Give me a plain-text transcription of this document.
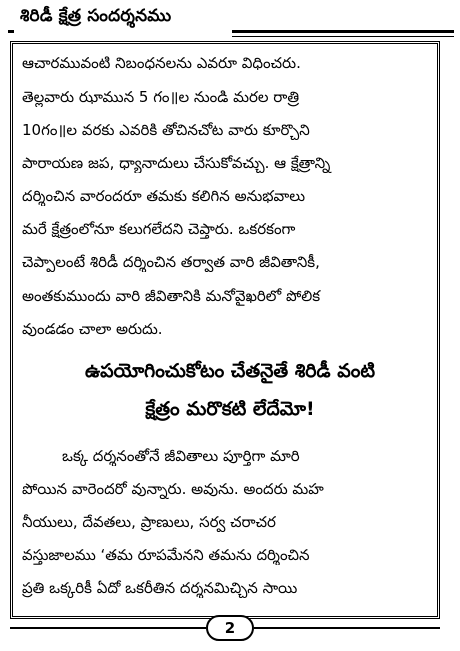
శిరిడీ క్షేత్ర సందర్శనము
ఆచారమువంటి నిబంధనలను ఎవరూ విధించరు.
తెల్లవారు ఝామున 5 గం॥ల నుండి మరల రాత్రి
10గం॥ల వరకు ఎవరికి తోచినచోట వారు కూర్చొని
పారాయణ జప, ధ్యానాదులు చేసుకోవచ్చు. ఆ క్షేత్రాన్ని
దర్శించిన వారందరూ తమకు కలిగిన అనుభవాలు
మరే క్షేత్రంలోనూ కలుగలేదని చెప్తారు. ఒకరకంగా
చెప్పాలంటే శిరిడీ దర్శించిన తర్వాత వారి జీవితానికీ,
అంతకుముందు వారి జీవితానికి మనోవైఖరిలో పోలిక
వుండడం చాలా అరుదు.
ఉపయోగించుకోటం చేతనైతే శిరిడీ వంటి
క్షేత్రం మరొకటి లేదేమో!
ఒక్క దర్శనంతోనే జీవితాలు పూర్తిగా మారి
పోయిన వారెందరో వున్నారు. అవును. అందరు మహ
నీయులు, దేవతలు, ప్రాణులు, సర్వ చరాచర
వస్తుజాలము ‘తమ రూపమేనని తమను దర్శించిన
ప్రతి ఒక్కరికీ ఏదో ఒకరీతిన దర్శనమిచ్చిన సాయి
2
